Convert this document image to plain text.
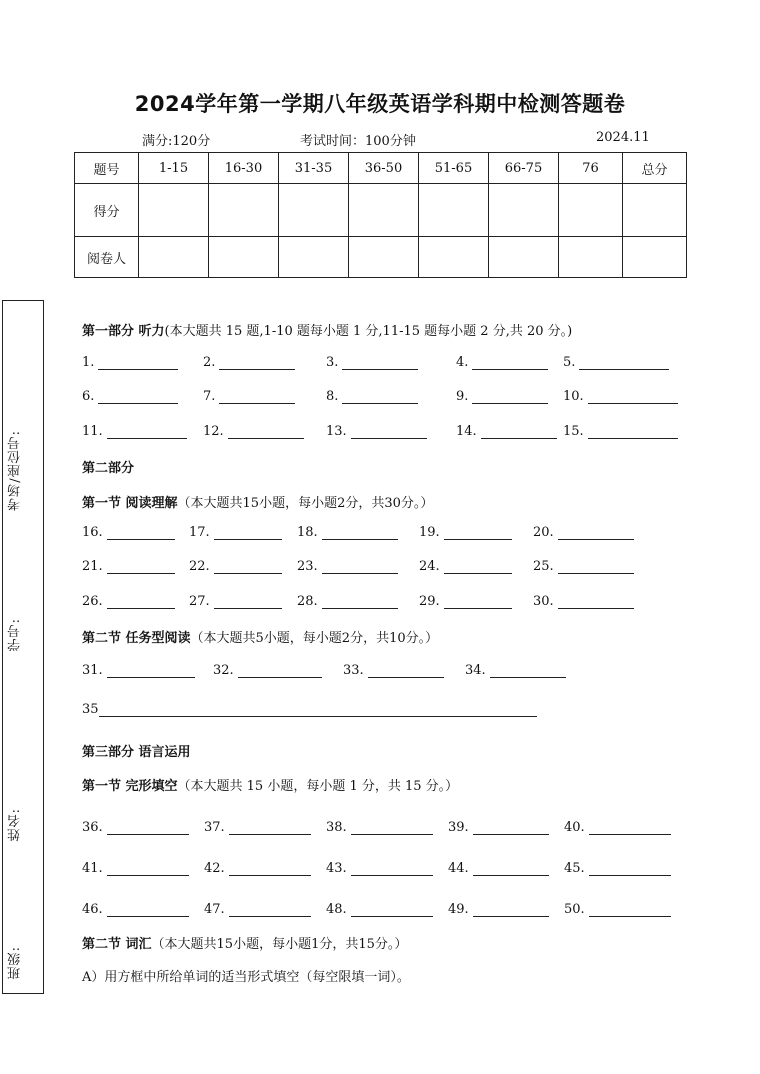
2024学年第一学期八年级英语学科期中检测答题卷
满分:120分	考试时间：100分钟	2024.11
题号	1-15	16-30	31-35	36-50	51-65	66-75	76	总分
得分								
阅卷人								
考场/座位号:
学号:
姓名:
班级:
第一部分 听力(本大题共 15 题,1-10 题每小题 1 分,11-15 题每小题 2 分,共 20 分。)
1.	2.	3.	4.	5.
6.	7.	8.	9.	10.
11.	12.	13.	14.	15.
第二部分
第一节 阅读理解（本大题共15小题，每小题2分，共30分。）
16.	17.	18.	19.	20.
21.	22.	23.	24.	25.
26.	27.	28.	29.	30.
第二节 任务型阅读（本大题共5小题，每小题2分，共10分。）
31.	32.	33.	34.
35
第三部分 语言运用
第一节 完形填空（本大题共 15 小题，每小题 1 分，共 15 分。）
36.	37.	38.	39.	40.
41.	42.	43.	44.	45.
46.	47.	48.	49.	50.
第二节 词汇（本大题共15小题，每小题1分，共15分。）
A）用方框中所给单词的适当形式填空（每空限填一词）。
